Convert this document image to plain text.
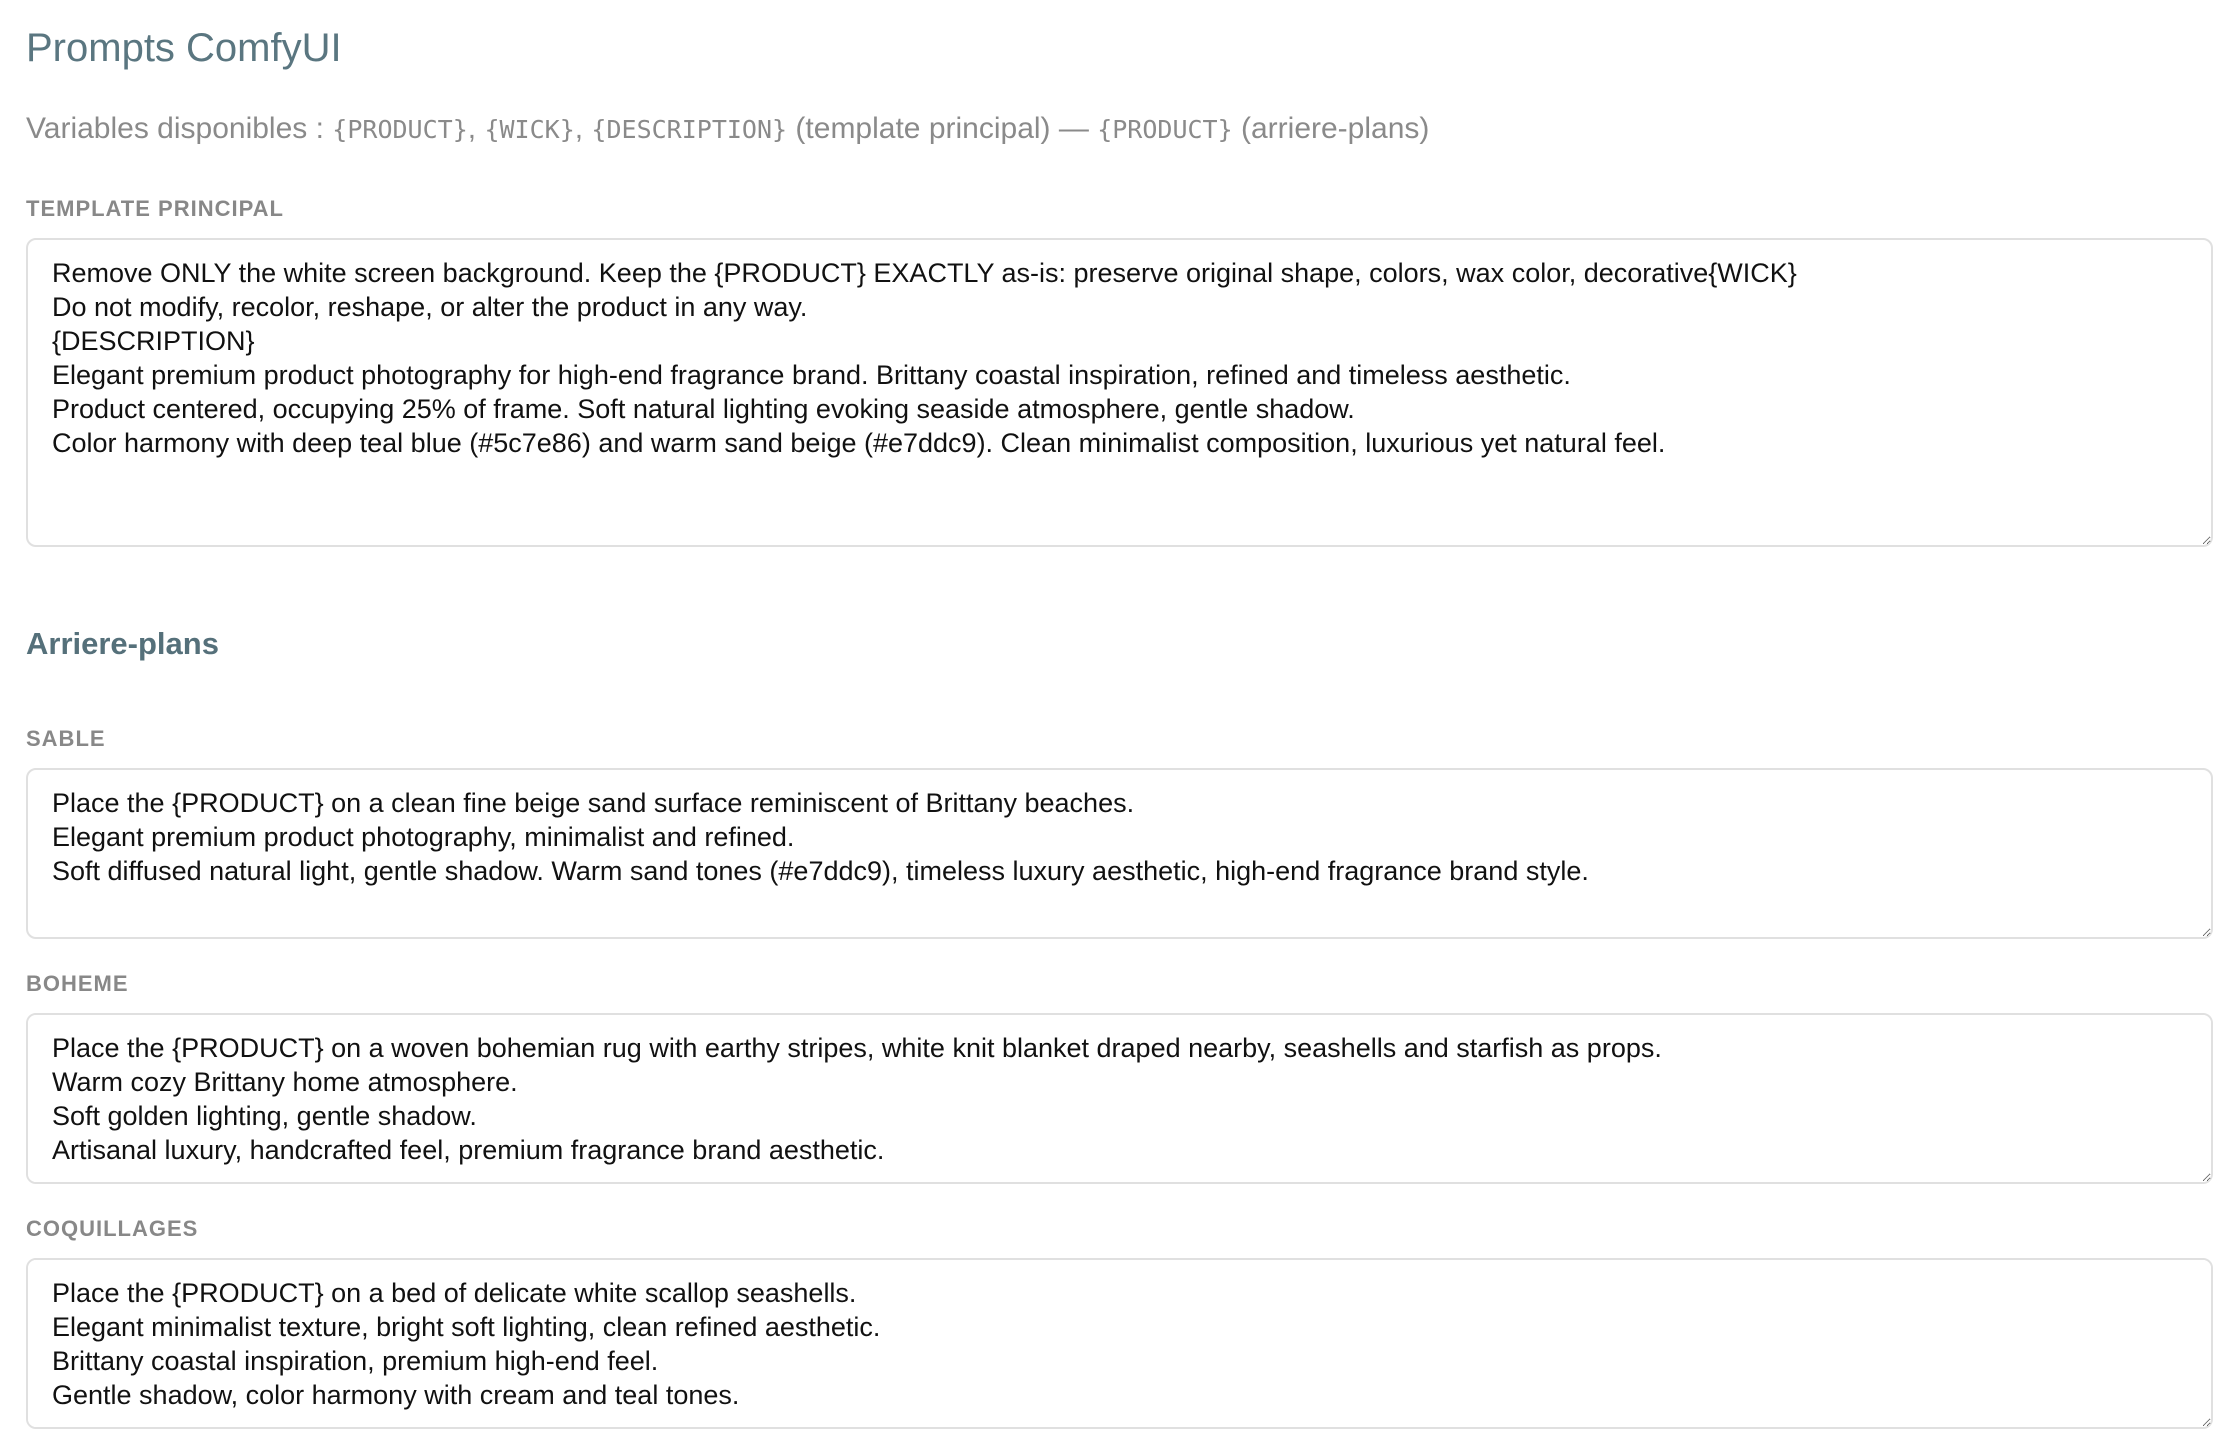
Prompts ComfyUI
Variables disponibles : {PRODUCT}, {WICK}, {DESCRIPTION} (template principal) — {PRODUCT} (arriere-plans)
TEMPLATE PRINCIPAL
Remove ONLY the white screen background. Keep the {PRODUCT} EXACTLY as-is: preserve original shape, colors, wax color, decorative{WICK} Do not modify, recolor, reshape, or alter the product in any way. {DESCRIPTION} Elegant premium product photography for high-end fragrance brand. Brittany coastal inspiration, refined and timeless aesthetic. Product centered, occupying 25% of frame. Soft natural lighting evoking seaside atmosphere, gentle shadow. Color harmony with deep teal blue (#5c7e86) and warm sand beige (#e7ddc9). Clean minimalist composition, luxurious yet natural feel.
Arriere-plans
SABLE
Place the {PRODUCT} on a clean fine beige sand surface reminiscent of Brittany beaches. Elegant premium product photography, minimalist and refined. Soft diffused natural light, gentle shadow. Warm sand tones (#e7ddc9), timeless luxury aesthetic, high-end fragrance brand style.
BOHEME
Place the {PRODUCT} on a woven bohemian rug with earthy stripes, white knit blanket draped nearby, seashells and starfish as props. Warm cozy Brittany home atmosphere. Soft golden lighting, gentle shadow. Artisanal luxury, handcrafted feel, premium fragrance brand aesthetic.
COQUILLAGES
Place the {PRODUCT} on a bed of delicate white scallop seashells. Elegant minimalist texture, bright soft lighting, clean refined aesthetic. Brittany coastal inspiration, premium high-end feel. Gentle shadow, color harmony with cream and teal tones.
